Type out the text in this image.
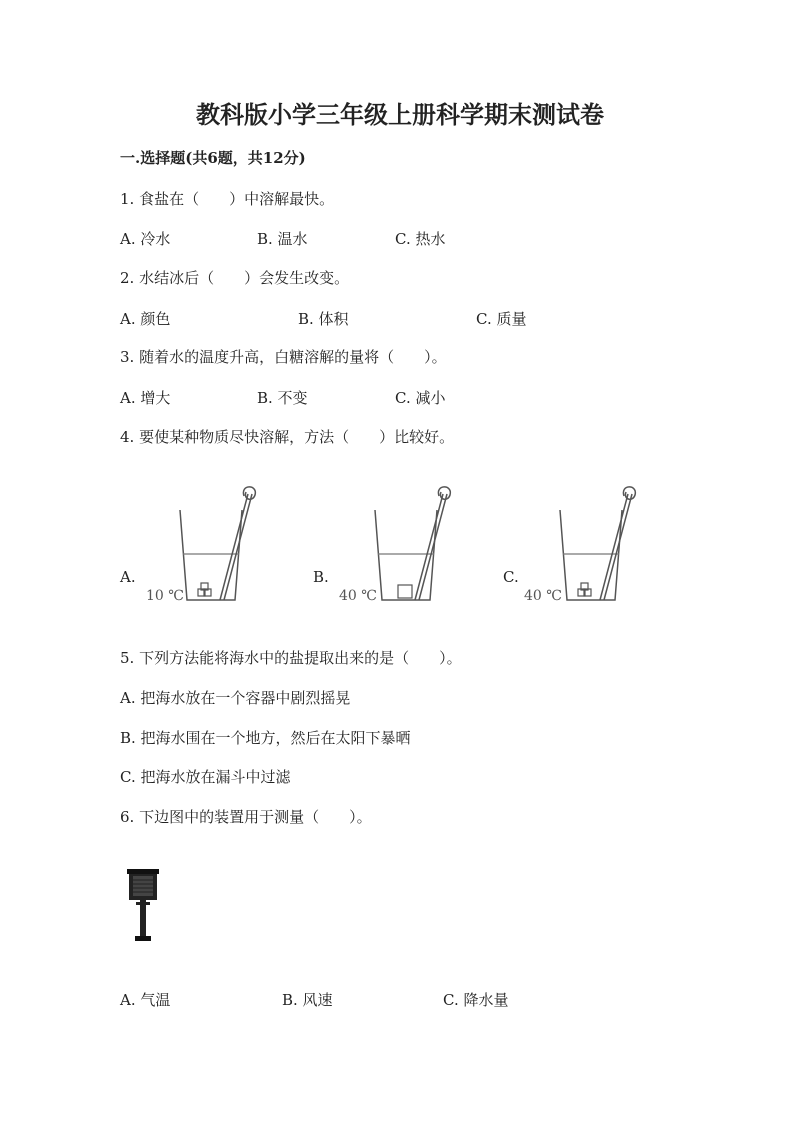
教科版小学三年级上册科学期末测试卷
一.选择题(共6题，共12分)
1. 食盐在（　　）中溶解最快。
A. 冷水	B. 温水	C. 热水
2. 水结冰后（　　）会发生改变。
A. 颜色	B. 体积	C. 质量
3. 随着水的温度升高，白糖溶解的量将（　　）。
A. 增大	B. 不变	C. 减小
4. 要使某种物质尽快溶解，方法（　　）比较好。
A.	B.	C.
10 ℃	40 ℃	40 ℃
5. 下列方法能将海水中的盐提取出来的是（　　）。
A. 把海水放在一个容器中剧烈摇晃
B. 把海水围在一个地方，然后在太阳下暴晒
C. 把海水放在漏斗中过滤
6. 下边图中的装置用于测量（　　）。
A. 气温	B. 风速	C. 降水量
